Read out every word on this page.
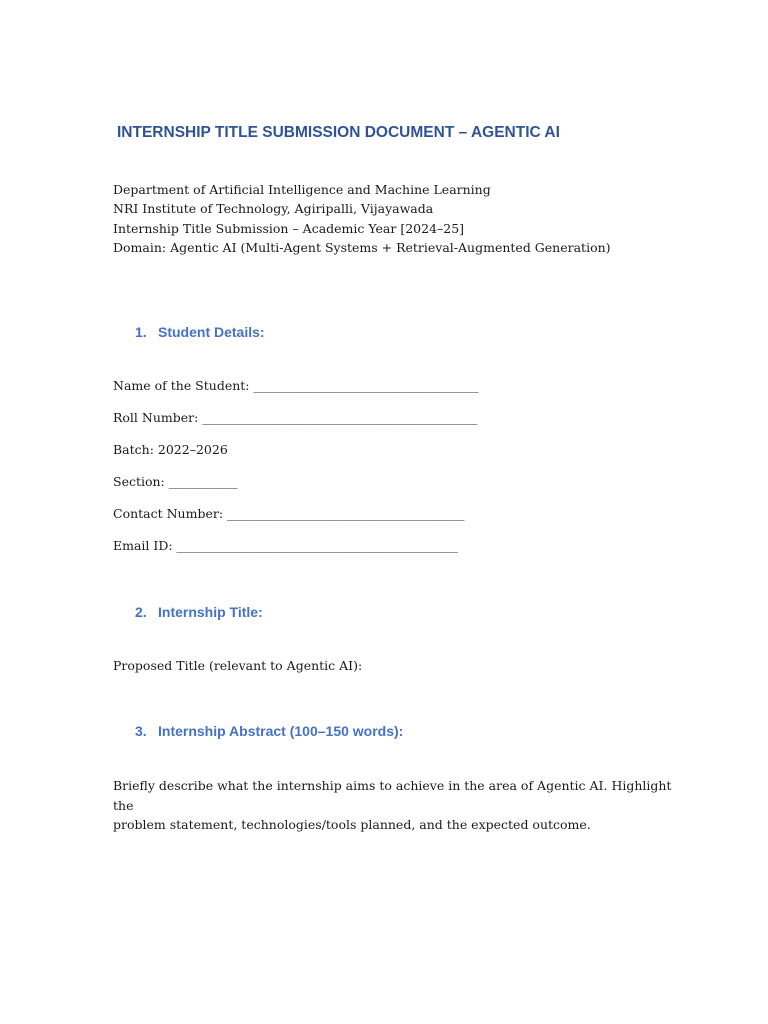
INTERNSHIP TITLE SUBMISSION DOCUMENT – AGENTIC AI
Department of Artificial Intelligence and Machine Learning
NRI Institute of Technology, Agiripalli, Vijayawada
Internship Title Submission – Academic Year [2024–25]
Domain: Agentic AI (Multi-Agent Systems + Retrieval-Augmented Generation)
1. Student Details:
Name of the Student: ____________________________________
Roll Number: ____________________________________________
Batch: 2022–2026
Section: ___________
Contact Number: ______________________________________
Email ID: _____________________________________________
2. Internship Title:
Proposed Title (relevant to Agentic AI):
3. Internship Abstract (100–150 words):
Briefly describe what the internship aims to achieve in the area of Agentic AI. Highlight the
problem statement, technologies/tools planned, and the expected outcome.
